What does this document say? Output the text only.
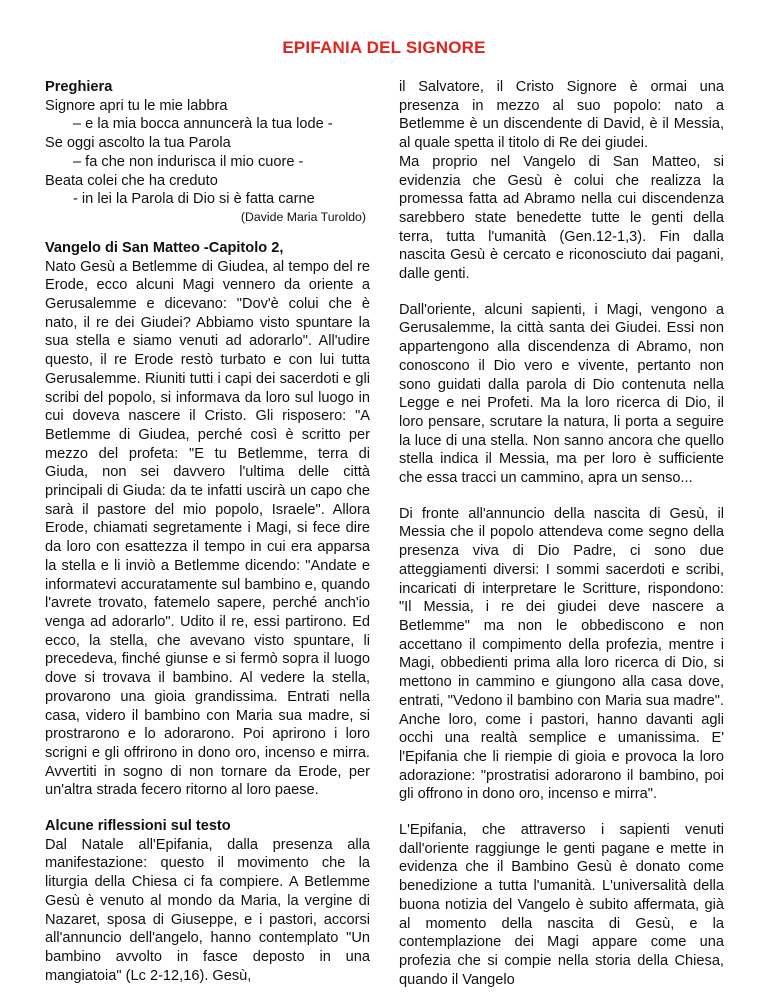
EPIFANIA DEL SIGNORE
Preghiera
Signore apri tu le mie labbra
– e la mia bocca annuncerà la tua lode -
Se oggi ascolto la tua Parola
– fa che non indurisca il mio cuore -
Beata colei che ha creduto
- in lei la Parola di Dio si è fatta carne
(Davide Maria Turoldo)
Vangelo di San Matteo -Capitolo 2,

Nato Gesù a Betlemme di Giudea, al tempo del re Erode, ecco alcuni Magi vennero da oriente a Gerusalemme e dicevano: "Dov'è colui che è nato, il re dei Giudei? Abbiamo visto spuntare la sua stella e siamo venuti ad adorarlo". All'udire questo, il re Erode restò turbato e con lui tutta Gerusalemme. Riuniti tutti i capi dei sacerdoti e gli scribi del popolo, si informava da loro sul luogo in cui doveva nascere il Cristo. Gli risposero: "A Betlemme di Giudea, perché così è scritto per mezzo del profeta: "E tu Betlemme, terra di Giuda, non sei davvero l'ultima delle città principali di Giuda: da te infatti uscirà un capo che sarà il pastore del mio popolo, Israele". Allora Erode, chiamati segretamente i Magi, si fece dire da loro con esattezza il tempo in cui era apparsa la stella e li inviò a Betlemme dicendo: "Andate e informatevi accuratamente sul bambino e, quando l'avrete trovato, fatemelo sapere, perché anch'io venga ad adorarlo". Udito il re, essi partirono. Ed ecco, la stella, che avevano visto spuntare, li precedeva, finché giunse e si fermò sopra il luogo dove si trovava il bambino. Al vedere la stella, provarono una gioia grandissima. Entrati nella casa, videro il bambino con Maria sua madre, si prostrarono e lo adorarono. Poi aprirono i loro scrigni e gli offrirono in dono oro, incenso e mirra. Avvertiti in sogno di non tornare da Erode, per un'altra strada fecero ritorno al loro paese.

Alcune riflessioni sul testo

Dal Natale all'Epifania, dalla presenza alla manifestazione: questo il movimento che la liturgia della Chiesa ci fa compiere. A Betlemme Gesù è venuto al mondo da Maria, la vergine di Nazaret, sposa di Giuseppe, e i pastori, accorsi all'annuncio dell'angelo, hanno contemplato "Un bambino avvolto in fasce deposto in una mangiatoia" (Lc 2-12,16). Gesù,

il Salvatore, il Cristo Signore è ormai una presenza in mezzo al suo popolo: nato a Betlemme è un discendente di David, è il Messia, al quale spetta il titolo di Re dei giudei.
Ma proprio nel Vangelo di San Matteo, si evidenzia che Gesù è colui che realizza la promessa fatta ad Abramo nella cui discendenza sarebbero state benedette tutte le genti della terra, tutta l'umanità (Gen.12-1,3). Fin dalla nascita Gesù è cercato e riconosciuto dai pagani, dalle genti.

Dall'oriente, alcuni sapienti, i Magi, vengono a Gerusalemme, la città santa dei Giudei. Essi non appartengono alla discendenza di Abramo, non conoscono il Dio vero e vivente, pertanto non sono guidati dalla parola di Dio contenuta nella Legge e nei Profeti. Ma la loro ricerca di Dio, il loro pensare, scrutare la natura, li porta a seguire la luce di una stella. Non sanno ancora che quello stella indica il Messia, ma per loro è sufficiente che essa tracci un cammino, apra un senso...

Di fronte all'annuncio della nascita di Gesù, il Messia che il popolo attendeva come segno della presenza viva di Dio Padre, ci sono due atteggiamenti diversi: I sommi sacerdoti e scribi, incaricati di interpretare le Scritture, rispondono: "Il Messia, i re dei giudei deve nascere a Betlemme" ma non le obbediscono e non accettano il compimento della profezia, mentre i Magi, obbedienti prima alla loro ricerca di Dio, si mettono in cammino e giungono alla casa dove, entrati, "Vedono il bambino con Maria sua madre". Anche loro, come i pastori, hanno davanti agli occhi una realtà semplice e umanissima. E' l'Epifania che li riempie di gioia e provoca la loro adorazione: "prostratisi adorarono il bambino, poi gli offrono in dono oro, incenso e mirra".

L'Epifania, che attraverso i sapienti venuti dall'oriente raggiunge le genti pagane e mette in evidenza che il Bambino Gesù è donato come benedizione a tutta l'umanità. L'universalità della buona notizia del Vangelo è subito affermata, già al momento della nascita di Gesù, e la contemplazione dei Magi appare come una profezia che si compie nella storia della Chiesa, quando il Vangelo
